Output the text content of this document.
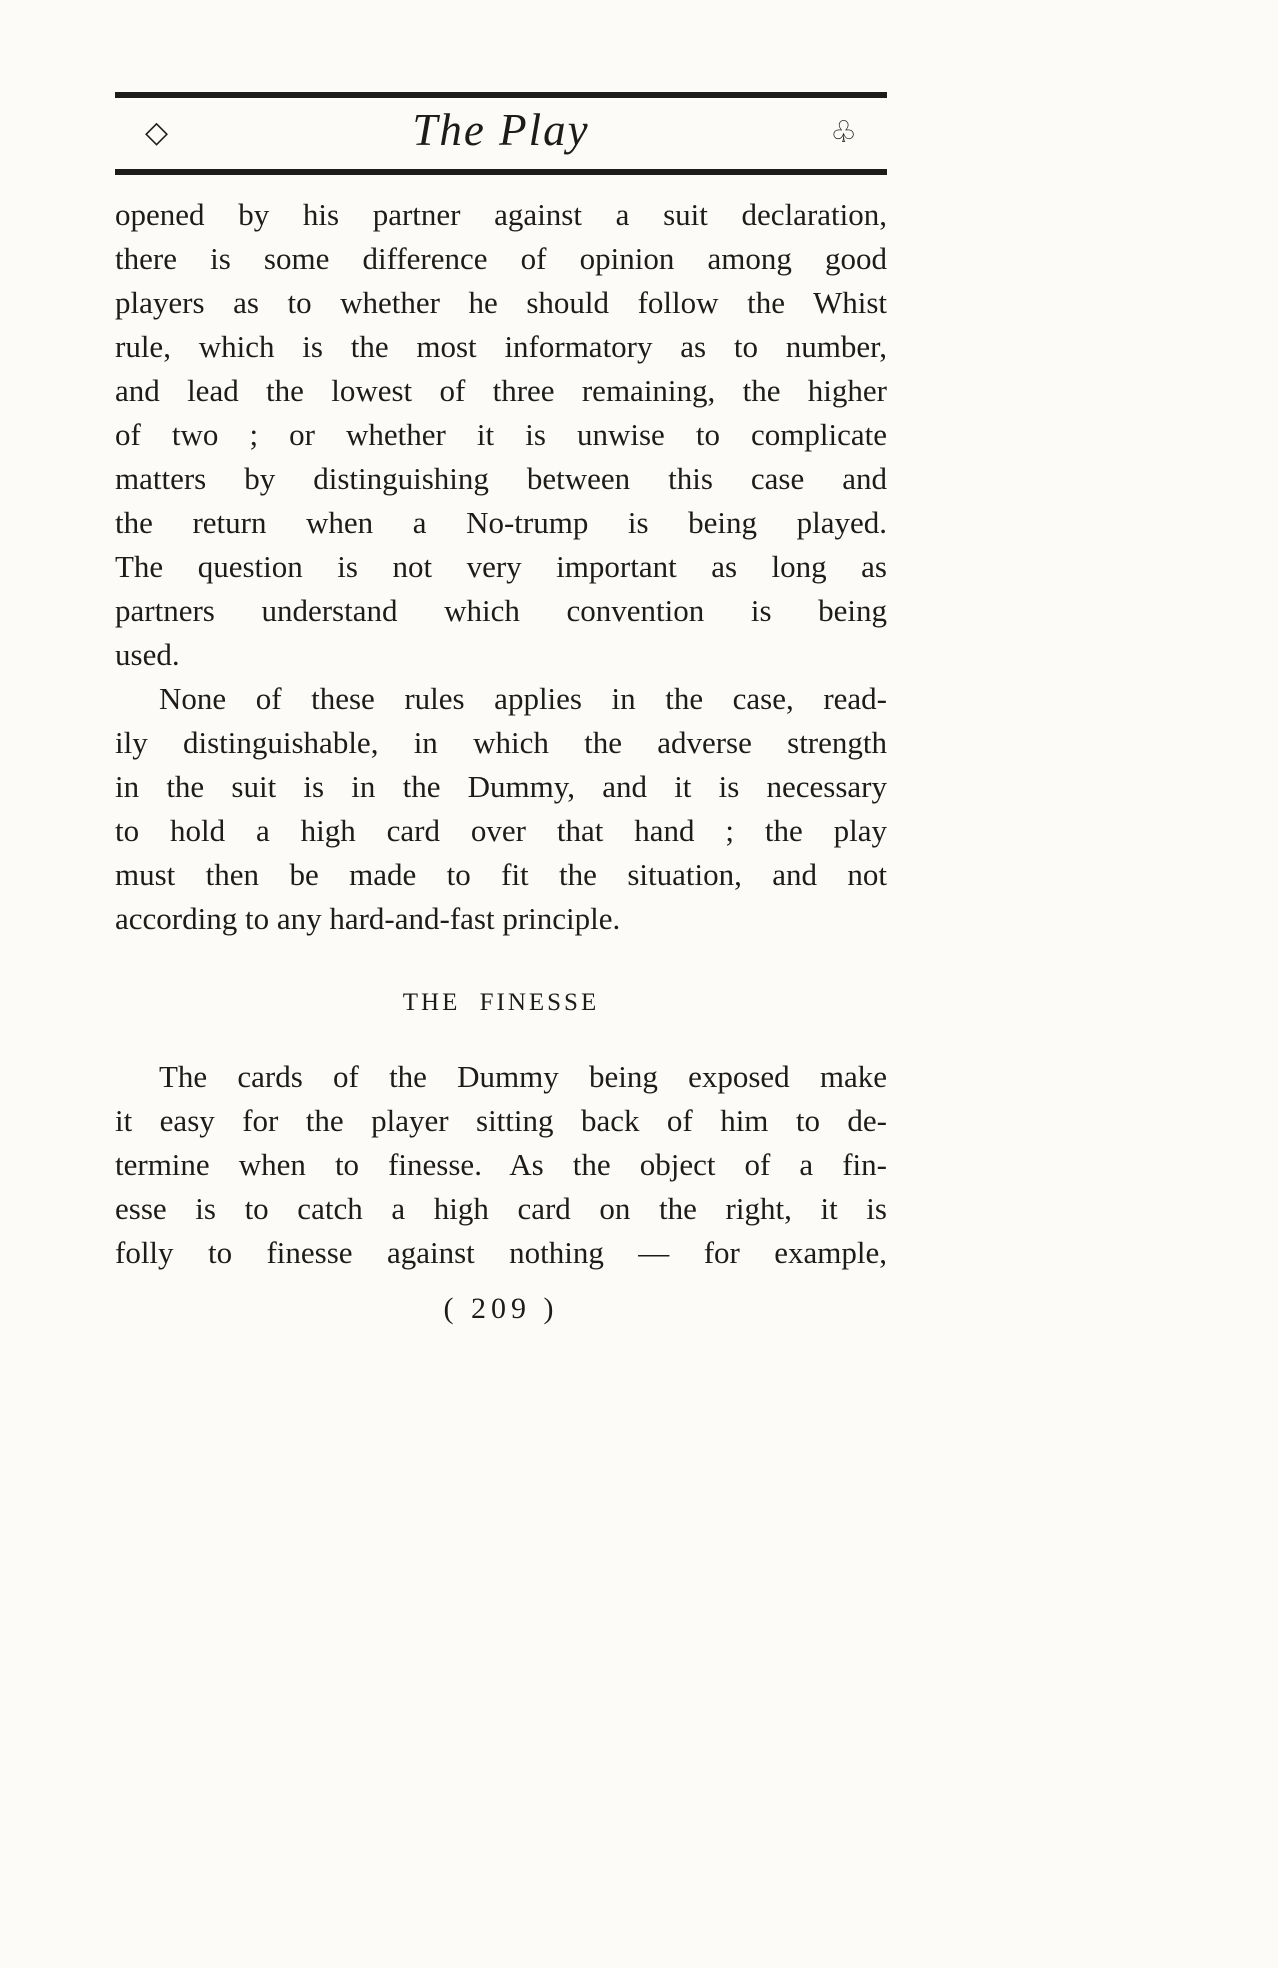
◇	The Play	♧
opened by his partner against a suit declaration,
there is some difference of opinion among good
players as to whether he should follow the Whist
rule, which is the most informatory as to number,
and lead the lowest of three remaining, the higher
of two ; or whether it is unwise to complicate
matters by distinguishing between this case and
the return when a No-trump is being played.
The question is not very important as long as
partners understand which convention is being
used.
None of these rules applies in the case, read-
ily distinguishable, in which the adverse strength
in the suit is in the Dummy, and it is necessary
to hold a high card over that hand ; the play
must then be made to fit the situation, and not
according to any hard-and-fast principle.
THE FINESSE
The cards of the Dummy being exposed make
it easy for the player sitting back of him to de-
termine when to finesse. As the object of a fin-
esse is to catch a high card on the right, it is
folly to finesse against nothing — for example,
( 209 )
